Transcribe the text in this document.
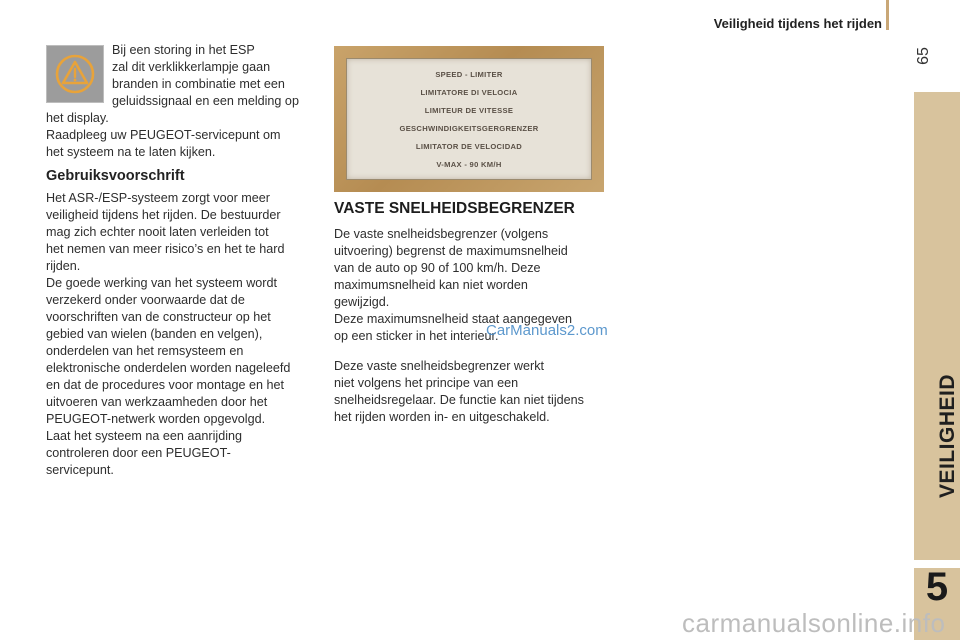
Veiligheid tijdens het rijden
65
VEILIGHEID
5
Bij een storing in het ESP
zal dit verklikkerlampje gaan
branden in combinatie met een
geluidssignaal en een melding op
het display.
Raadpleeg uw PEUGEOT-servicepunt om
het systeem na te laten kijken.
Gebruiksvoorschrift
Het ASR-/ESP-systeem zorgt voor meer
veiligheid tijdens het rijden. De bestuurder
mag zich echter nooit laten verleiden tot
het nemen van meer risico’s en het te hard
rijden.
De goede werking van het systeem wordt
verzekerd onder voorwaarde dat de
voorschriften van de constructeur op het
gebied van wielen (banden en velgen),
onderdelen van het remsysteem en
elektronische onderdelen worden nageleefd
en dat de procedures voor montage en het
uitvoeren van werkzaamheden door het
PEUGEOT-netwerk worden opgevolgd.
Laat het systeem na een aanrijding
controleren door een PEUGEOT-
servicepunt.
SPEED - LIMITER
LIMITATORE DI VELOCIA
LIMITEUR DE VITESSE
GESCHWINDIGKEITSGERGRENZER
LIMITATOR DE VELOCIDAD
V-MAX - 90 KM/H
VASTE SNELHEIDSBEGRENZER
De vaste snelheidsbegrenzer (volgens
uitvoering) begrenst de maximumsnelheid
van de auto op 90 of 100 km/h. Deze
maximumsnelheid kan niet worden
gewijzigd.
Deze maximumsnelheid staat aangegeven
op een sticker in het interieur.
CarManuals2.com
Deze vaste snelheidsbegrenzer werkt
niet volgens het principe van een
snelheidsregelaar. De functie kan niet tijdens
het rijden worden in- en uitgeschakeld.
carmanualsonline.info
